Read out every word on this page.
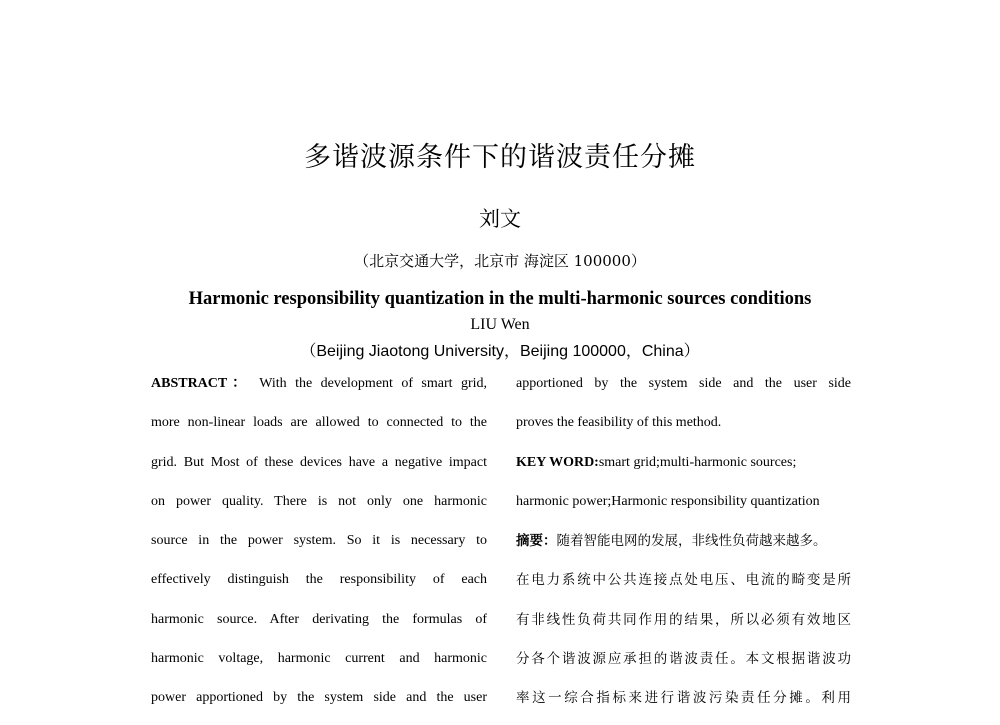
多谐波源条件下的谐波责任分摊
刘文
（北京交通大学，北京市 海淀区 100000）
Harmonic responsibility quantization in the multi-harmonic sources conditions
LIU Wen
（Beijing Jiaotong University，Beijing 100000，China）
ABSTRACT： With the development of smart grid,
more non-linear loads are allowed to connected to the
grid. But Most of these devices have a negative impact
on power quality. There is not only one harmonic
source in the power system. So it is necessary to
effectively distinguish the responsibility of each
harmonic source. After derivating the formulas of
harmonic voltage, harmonic current and harmonic
power apportioned by the system side and the user
apportioned by the system side and the user side
proves the feasibility of this method.
KEY WORD:smart grid;multi-harmonic sources;
harmonic power;Harmonic responsibility quantization
摘要：随着智能电网的发展，非线性负荷越来越多。
在电力系统中公共连接点处电压、电流的畸变是所
有非线性负荷共同作用的结果，所以必须有效地区
分各个谐波源应承担的谐波责任。本文根据谐波功
率这一综合指标来进行谐波污染责任分摊。利用
